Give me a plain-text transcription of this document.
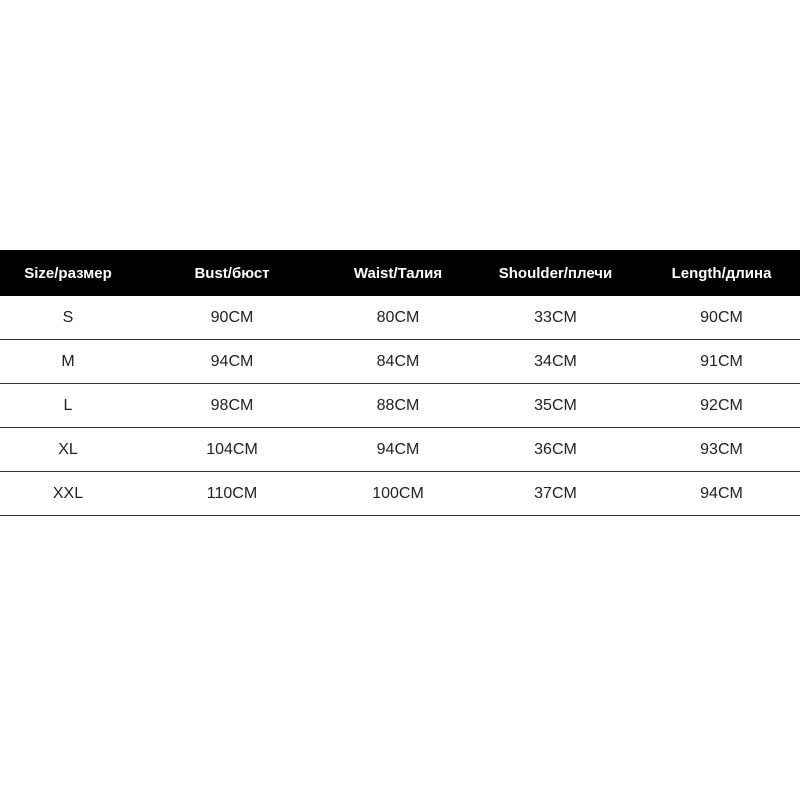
Size/размер	Bust/бюст	Waist/Талия	Shoulder/плечи	Length/длина
S	90CM	80CM	33CM	90CM
M	94CM	84CM	34CM	91CM
L	98CM	88CM	35CM	92CM
XL	104CM	94CM	36CM	93CM
XXL	110CM	100CM	37CM	94CM
